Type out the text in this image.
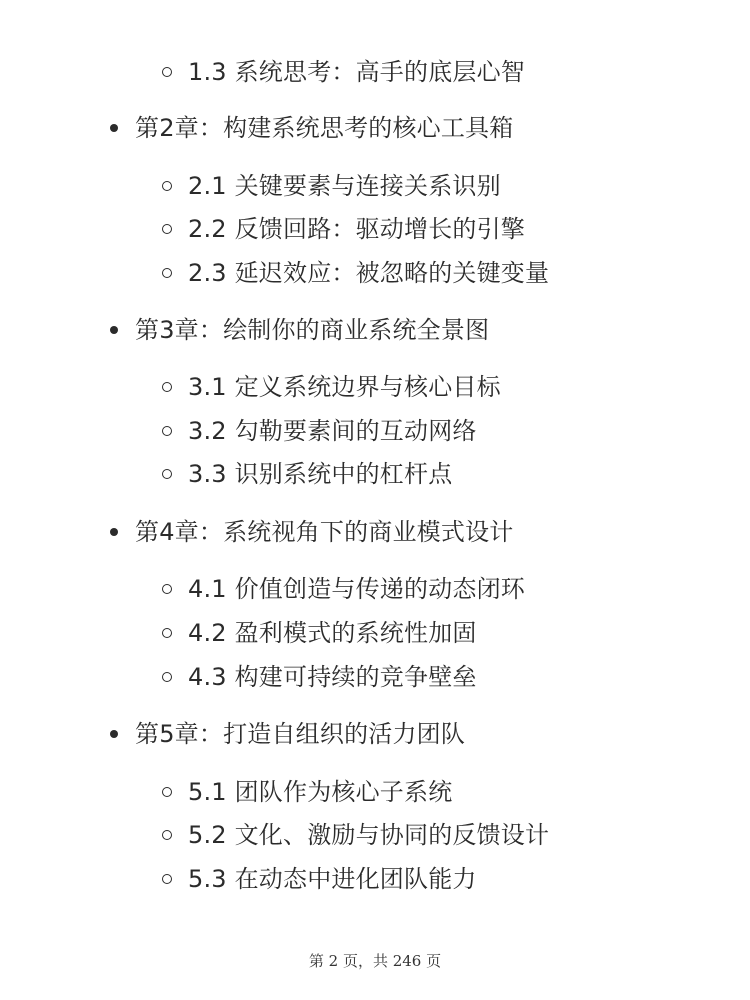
1.3 系统思考：高手的底层心智
第2章：构建系统思考的核心工具箱
2.1 关键要素与连接关系识别
2.2 反馈回路：驱动增长的引擎
2.3 延迟效应：被忽略的关键变量
第3章：绘制你的商业系统全景图
3.1 定义系统边界与核心目标
3.2 勾勒要素间的互动网络
3.3 识别系统中的杠杆点
第4章：系统视角下的商业模式设计
4.1 价值创造与传递的动态闭环
4.2 盈利模式的系统性加固
4.3 构建可持续的竞争壁垒
第5章：打造自组织的活力团队
5.1 团队作为核心子系统
5.2 文化、激励与协同的反馈设计
5.3 在动态中进化团队能力
第 2 页，共 246 页
